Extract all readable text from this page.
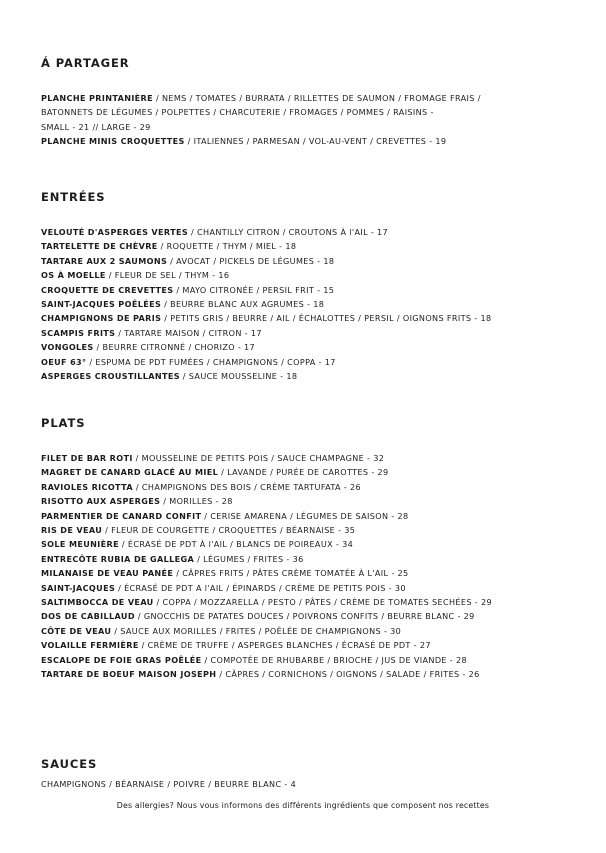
Á PARTAGER
PLANCHE PRINTANIÈRE / NEMS / TOMATES / BURRATA / RILLETTES DE SAUMON / FROMAGE FRAIS /
BATONNETS DE LÉGUMES / POLPETTES / CHARCUTERIE / FROMAGES / POMMES / RAISINS -
SMALL - 21 // LARGE - 29
PLANCHE MINIS CROQUETTES / ITALIENNES / PARMESAN / VOL-AU-VENT / CREVETTES - 19
ENTRÉES
VELOUTÉ D'ASPERGES VERTES / CHANTILLY CITRON / CROUTONS À l'AIL - 17
TARTELETTE DE CHÈVRE / ROQUETTE / THYM / MIEL - 18
TARTARE AUX 2 SAUMONS / AVOCAT / PICKELS DE LÉGUMES - 18
OS À MOELLE / FLEUR DE SEL / THYM - 16
CROQUETTE DE CREVETTES / MAYO CITRONÉE / PERSIL FRIT - 15
SAINT-JACQUES POÊLÉES / BEURRE BLANC AUX AGRUMES - 18
CHAMPIGNONS DE PARIS / PETITS GRIS / BEURRE / AIL / ÉCHALOTTES / PERSIL / OIGNONS FRITS - 18
SCAMPIS FRITS / TARTARE MAISON / CITRON - 17
VONGOLES / BEURRE CITRONNÉ / CHORIZO - 17
OEUF 63° / ESPUMA DE PDT FUMÉES / CHAMPIGNONS / COPPA - 17
ASPERGES CROUSTILLANTES / SAUCE MOUSSELINE - 18
PLATS
FILET DE BAR ROTI / MOUSSELINE DE PETITS POIS / SAUCE CHAMPAGNE - 32
MAGRET DE CANARD GLACÉ AU MIEL / LAVANDE / PURÉE DE CAROTTES - 29
RAVIOLES RICOTTA / CHAMPIGNONS DES BOIS / CRÈME TARTUFATA - 26
RISOTTO AUX ASPERGES / MORILLES - 28
PARMENTIER DE CANARD CONFIT / CERISE AMARENA / LÉGUMES DE SAISON - 28
RIS DE VEAU / FLEUR DE COURGETTE / CROQUETTES / BÉARNAISE - 35
SOLE MEUNIÈRE / ÉCRASÉ DE PDT À l'AIL / BLANCS DE POIREAUX - 34
ENTRECÔTE RUBIA DE GALLEGA / LÉGUMES / FRITES - 36
MILANAISE DE VEAU PANÉE / CÂPRES FRITS / PÂTES CRÈME TOMATÉE À L'AIL - 25
SAINT-JACQUES / ÉCRASÉ DE PDT A l'AIL / ÉPINARDS / CRÈME DE PETITS POIS - 30
SALTIMBOCCA DE VEAU / COPPA / MOZZARELLA / PESTO / PÂTES / CRÈME DE TOMATES SECHÉES - 29
DOS DE CABILLAUD / GNOCCHIS DE PATATES DOUCES / POIVRONS CONFITS / BEURRE BLANC - 29
CÔTE DE VEAU / SAUCE AUX MORILLES / FRITES / POÊLÉE DE CHAMPIGNONS - 30
VOLAILLE FERMIÈRE / CRÈME DE TRUFFE / ASPERGES BLANCHES / ÉCRASÉ DE PDT - 27
ESCALOPE DE FOIE GRAS POÊLÉE / COMPOTÉE DE RHUBARBE / BRIOCHE / JUS DE VIANDE - 28
TARTARE DE BOEUF MAISON JOSEPH / CÂPRES / CORNICHONS / OIGNONS / SALADE / FRITES - 26
SAUCES
CHAMPIGNONS / BÉARNAISE / POIVRE / BEURRE BLANC - 4
Des allergies? Nous vous informons des différents ingrédients que composent nos recettes
